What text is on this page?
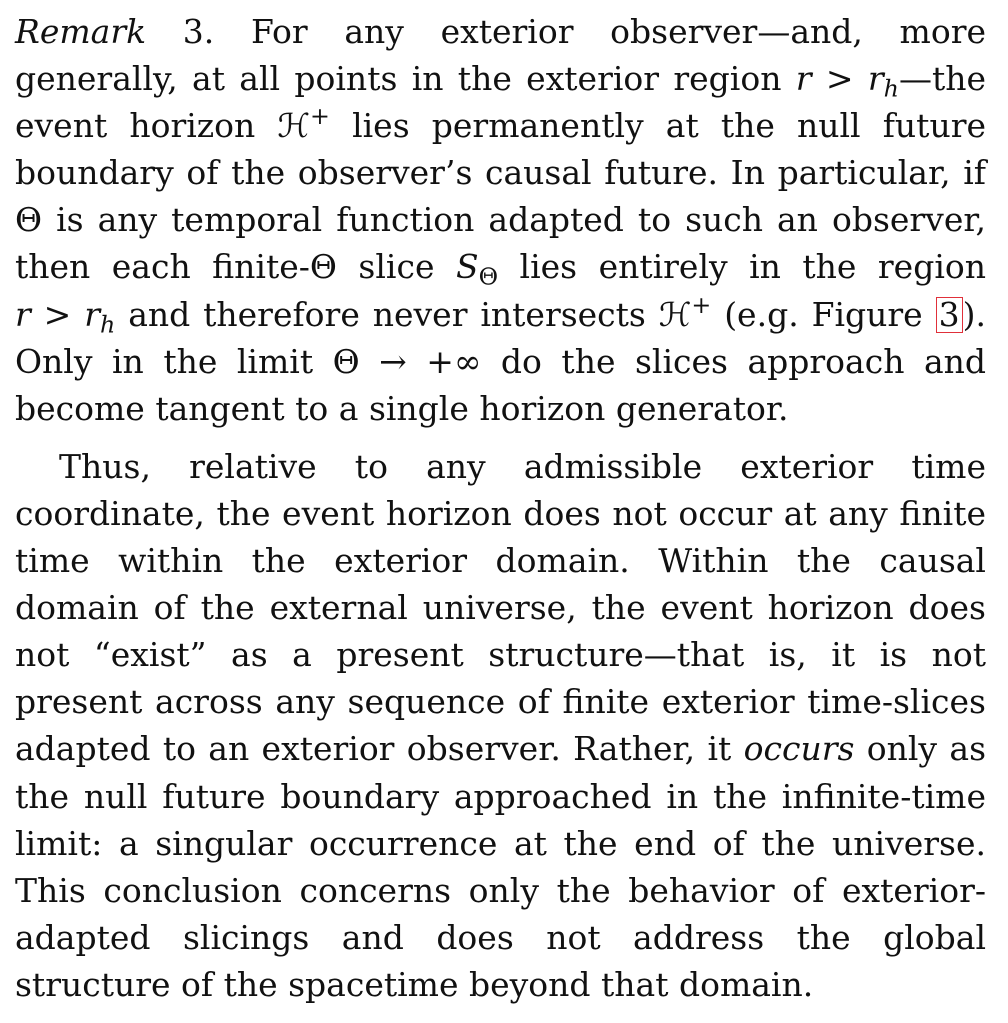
Remark 3. For any exterior observer—and, more generally, at all points in the exterior region $r > r_h—the$ event horizon ℋ+ lies permanently at the null future boundary of the observer’s causal future. In particular, if Θ is any temporal function adapted to such an observer, then each finite-Θ slice $S_\Theta$ lies entirely in the region $r > r_h$ and therefore never intersects ℋ+ (e.g. Figure 3). Only in the limit Θ → +∞ do the slices approach and become tangent to a single horizon generator.

Thus, relative to any admissible exterior time coordinate, the event horizon does not occur at any finite time within the exterior domain. Within the causal domain of the external universe, the event horizon does not “exist” as a present structure—that is, it is not present across any sequence of finite exterior time-slices adapted to an exterior observer. Rather, it occurs only as the null future boundary approached in the infinite-time limit: a singular occurrence at the end of the universe. This conclusion concerns only the behavior of exterior-adapted slicings and does not address the global structure of the spacetime beyond that domain.
